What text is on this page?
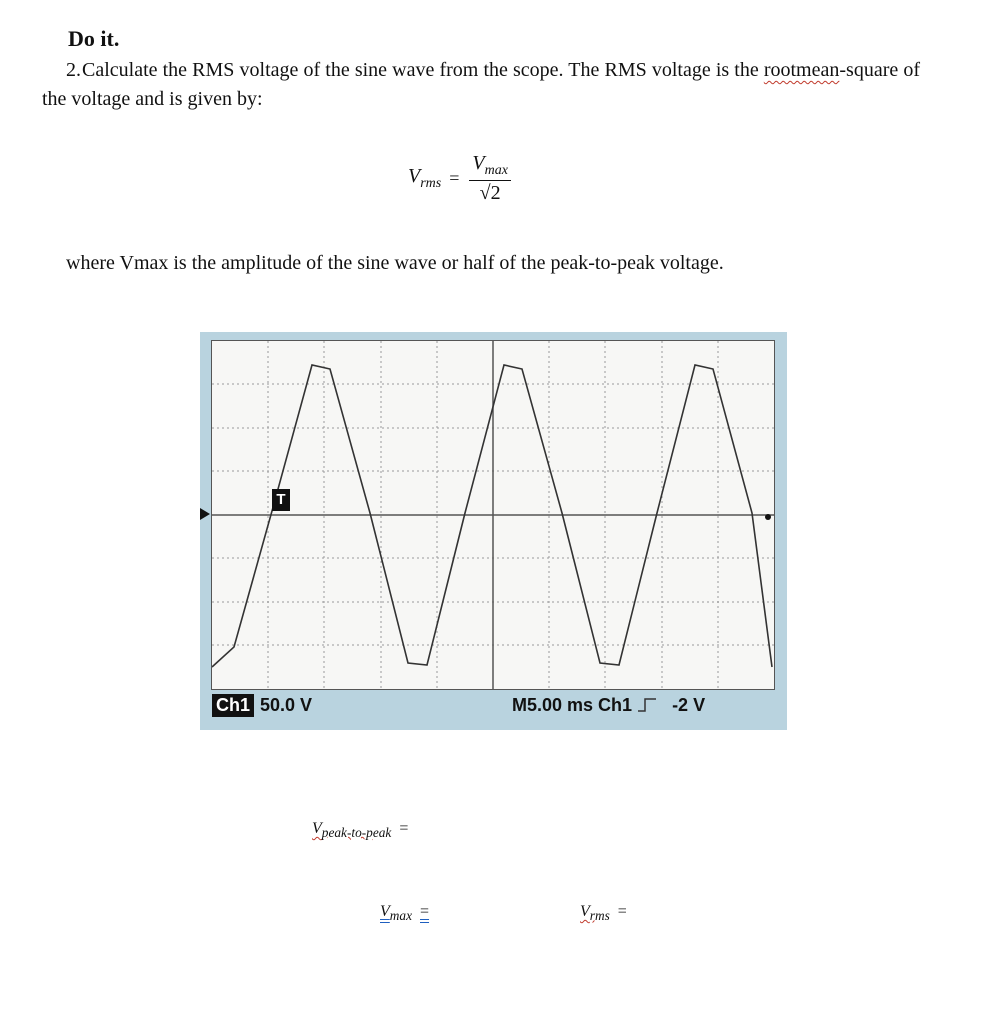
Do it.
2.Calculate the RMS voltage of the sine wave from the scope. The RMS voltage is the rootmean-square of the voltage and is given by:
$V_{rms} = \frac{V_{max}}{√2}$
where Vmax is the amplitude of the sine wave or half of the peak-to-peak voltage.
T
Ch1 50.0 V	M5.00 ms Ch1 -2 V
$V_{peak-to-peak}$ =
$V_{max}$ =	$V_{rms}$ =
